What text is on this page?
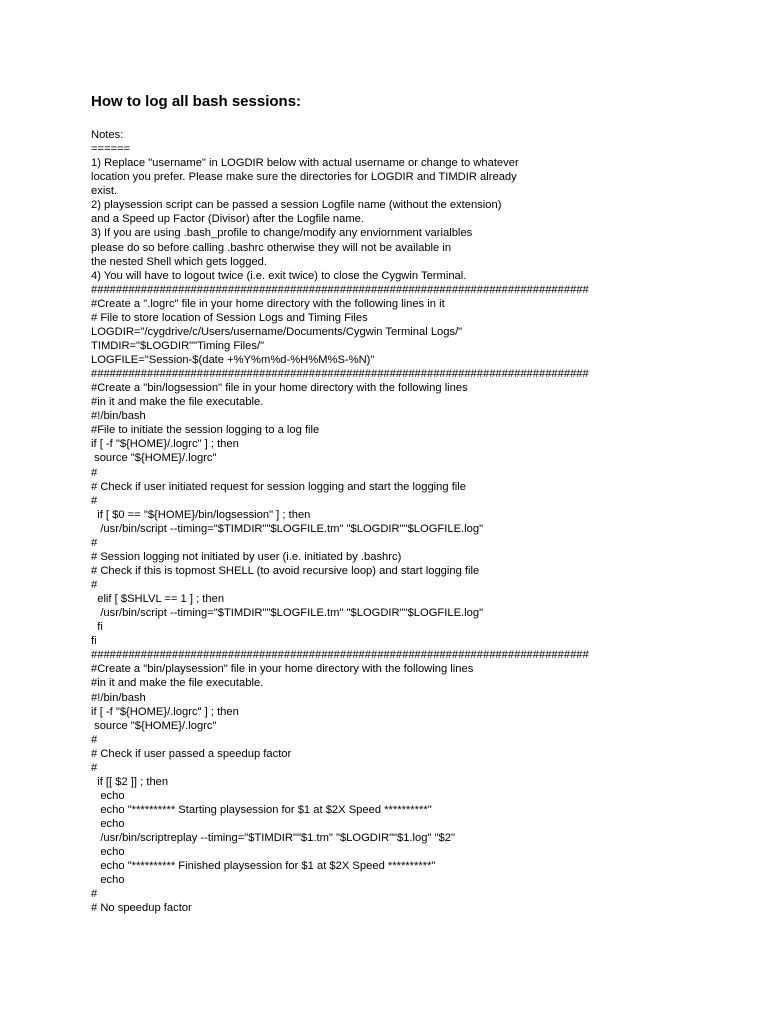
How to log all bash sessions:
Notes:
======
1) Replace "username" in LOGDIR below with actual username or change to whatever
location you prefer. Please make sure the directories for LOGDIR and TIMDIR already
exist.
2) playsession script can be passed a session Logfile name (without the extension)
and a Speed up Factor (Divisor) after the Logfile name.
3) If you are using .bash_profile to change/modify any enviornment varialbles
please do so before calling .bashrc otherwise they will not be available in
the nested Shell which gets logged.
4) You will have to logout twice (i.e. exit twice) to close the Cygwin Terminal.
################################################################################
#Create a ".logrc" file in your home directory with the following lines in it
# File to store location of Session Logs and Timing Files
LOGDIR="/cygdrive/c/Users/username/Documents/Cygwin Terminal Logs/"
TIMDIR="$LOGDIR""Timing Files/"
LOGFILE="Session-$(date +%Y%m%d-%H%M%S-%N)"
################################################################################
#Create a "bin/logsession" file in your home directory with the following lines
#in it and make the file executable.
#!/bin/bash
#File to initiate the session logging to a log file
if [ -f "${HOME}/.logrc" ] ; then
source "${HOME}/.logrc"
#
# Check if user initiated request for session logging and start the logging file
#
if [ $0 == "${HOME}/bin/logsession" ] ; then
/usr/bin/script --timing="$TIMDIR""$LOGFILE.tm" "$LOGDIR""$LOGFILE.log"
#
# Session logging not initiated by user (i.e. initiated by .bashrc)
# Check if this is topmost SHELL (to avoid recursive loop) and start logging file
#
elif [ $SHLVL == 1 ] ; then
/usr/bin/script --timing="$TIMDIR""$LOGFILE.tm" "$LOGDIR""$LOGFILE.log"
fi
fi
################################################################################
#Create a "bin/playsession" file in your home directory with the following lines
#in it and make the file executable.
#!/bin/bash
if [ -f "${HOME}/.logrc" ] ; then
source "${HOME}/.logrc"
#
# Check if user passed a speedup factor
#
if [[ $2 ]] ; then
echo
echo "********** Starting playsession for $1 at $2X Speed **********"
echo
/usr/bin/scriptreplay --timing="$TIMDIR""$1.tm" "$LOGDIR""$1.log" "$2"
echo
echo "********** Finished playsession for $1 at $2X Speed **********"
echo
#
# No speedup factor
